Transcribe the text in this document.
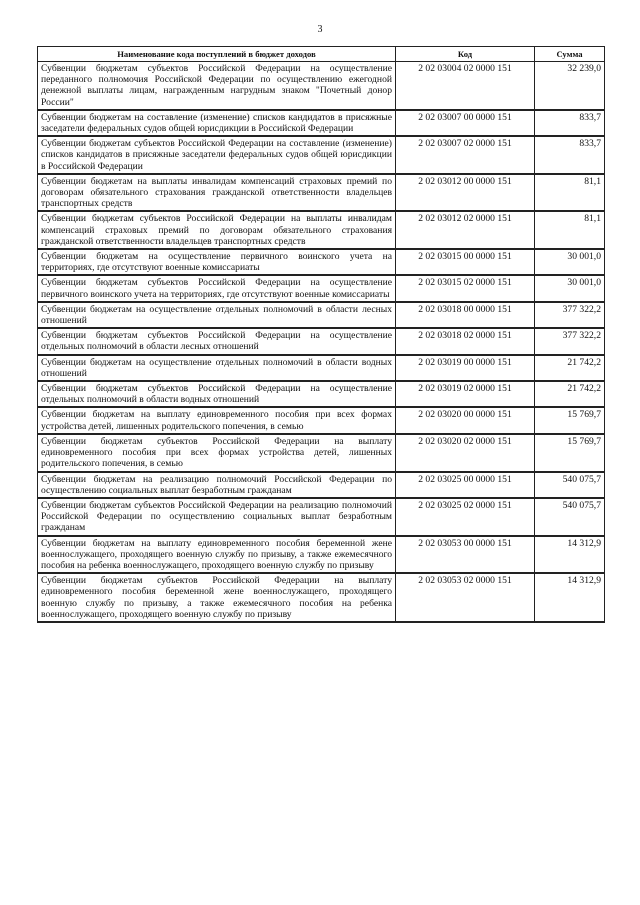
3
Наименование кода поступлений в бюджет доходов	Код	Сумма
Субвенции бюджетам субъектов Российской Федерации на осуществление переданного полномочия Российской Федерации по осуществлению ежегодной денежной выплаты лицам, награжденным нагрудным знаком "Почетный донор России"	2 02 03004 02 0000 151	32 239,0
Субвенции бюджетам на составление (изменение) списков кандидатов в присяжные заседатели федеральных судов общей юрисдикции в Российской Федерации	2 02 03007 00 0000 151	833,7
Субвенции бюджетам субъектов Российской Федерации на составление (изменение) списков кандидатов в присяжные заседатели федеральных судов общей юрисдикции в Российской Федерации	2 02 03007 02 0000 151	833,7
Субвенции бюджетам на выплаты инвалидам компенсаций страховых премий по договорам обязательного страхования гражданской ответственности владельцев транспортных средств	2 02 03012 00 0000 151	81,1
Субвенции бюджетам субъектов Российской Федерации на выплаты инвалидам компенсаций страховых премий по договорам обязательного страхования гражданской ответственности владельцев транспортных средств	2 02 03012 02 0000 151	81,1
Субвенции бюджетам на осуществление первичного воинского учета на территориях, где отсутствуют военные комиссариаты	2 02 03015 00 0000 151	30 001,0
Субвенции бюджетам субъектов Российской Федерации на осуществление первичного воинского учета на территориях, где отсутствуют военные комиссариаты	2 02 03015 02 0000 151	30 001,0
Субвенции бюджетам на осуществление отдельных полномочий в области лесных отношений	2 02 03018 00 0000 151	377 322,2
Субвенции бюджетам субъектов Российской Федерации на осуществление отдельных полномочий в области лесных отношений	2 02 03018 02 0000 151	377 322,2
Субвенции бюджетам на осуществление отдельных полномочий в области водных отношений	2 02 03019 00 0000 151	21 742,2
Субвенции бюджетам субъектов Российской Федерации на осуществление отдельных полномочий в области водных отношений	2 02 03019 02 0000 151	21 742,2
Субвенции бюджетам на выплату единовременного пособия при всех формах устройства детей, лишенных родительского попечения, в семью	2 02 03020 00 0000 151	15 769,7
Субвенции бюджетам субъектов Российской Федерации на выплату единовременного пособия при всех формах устройства детей, лишенных родительского попечения, в семью	2 02 03020 02 0000 151	15 769,7
Субвенции бюджетам на реализацию полномочий Российской Федерации по осуществлению социальных выплат безработным гражданам	2 02 03025 00 0000 151	540 075,7
Субвенции бюджетам субъектов Российской Федерации на реализацию полномочий Российской Федерации по осуществлению социальных выплат безработным гражданам	2 02 03025 02 0000 151	540 075,7
Субвенции бюджетам на выплату единовременного пособия беременной жене военнослужащего, проходящего военную службу по призыву, а также ежемесячного пособия на ребенка военнослужащего, проходящего военную службу по призыву	2 02 03053 00 0000 151	14 312,9
Субвенции бюджетам субъектов Российской Федерации на выплату единовременного пособия беременной жене военнослужащего, проходящего военную службу по призыву, а также ежемесячного пособия на ребенка военнослужащего, проходящего военную службу по призыву	2 02 03053 02 0000 151	14 312,9
